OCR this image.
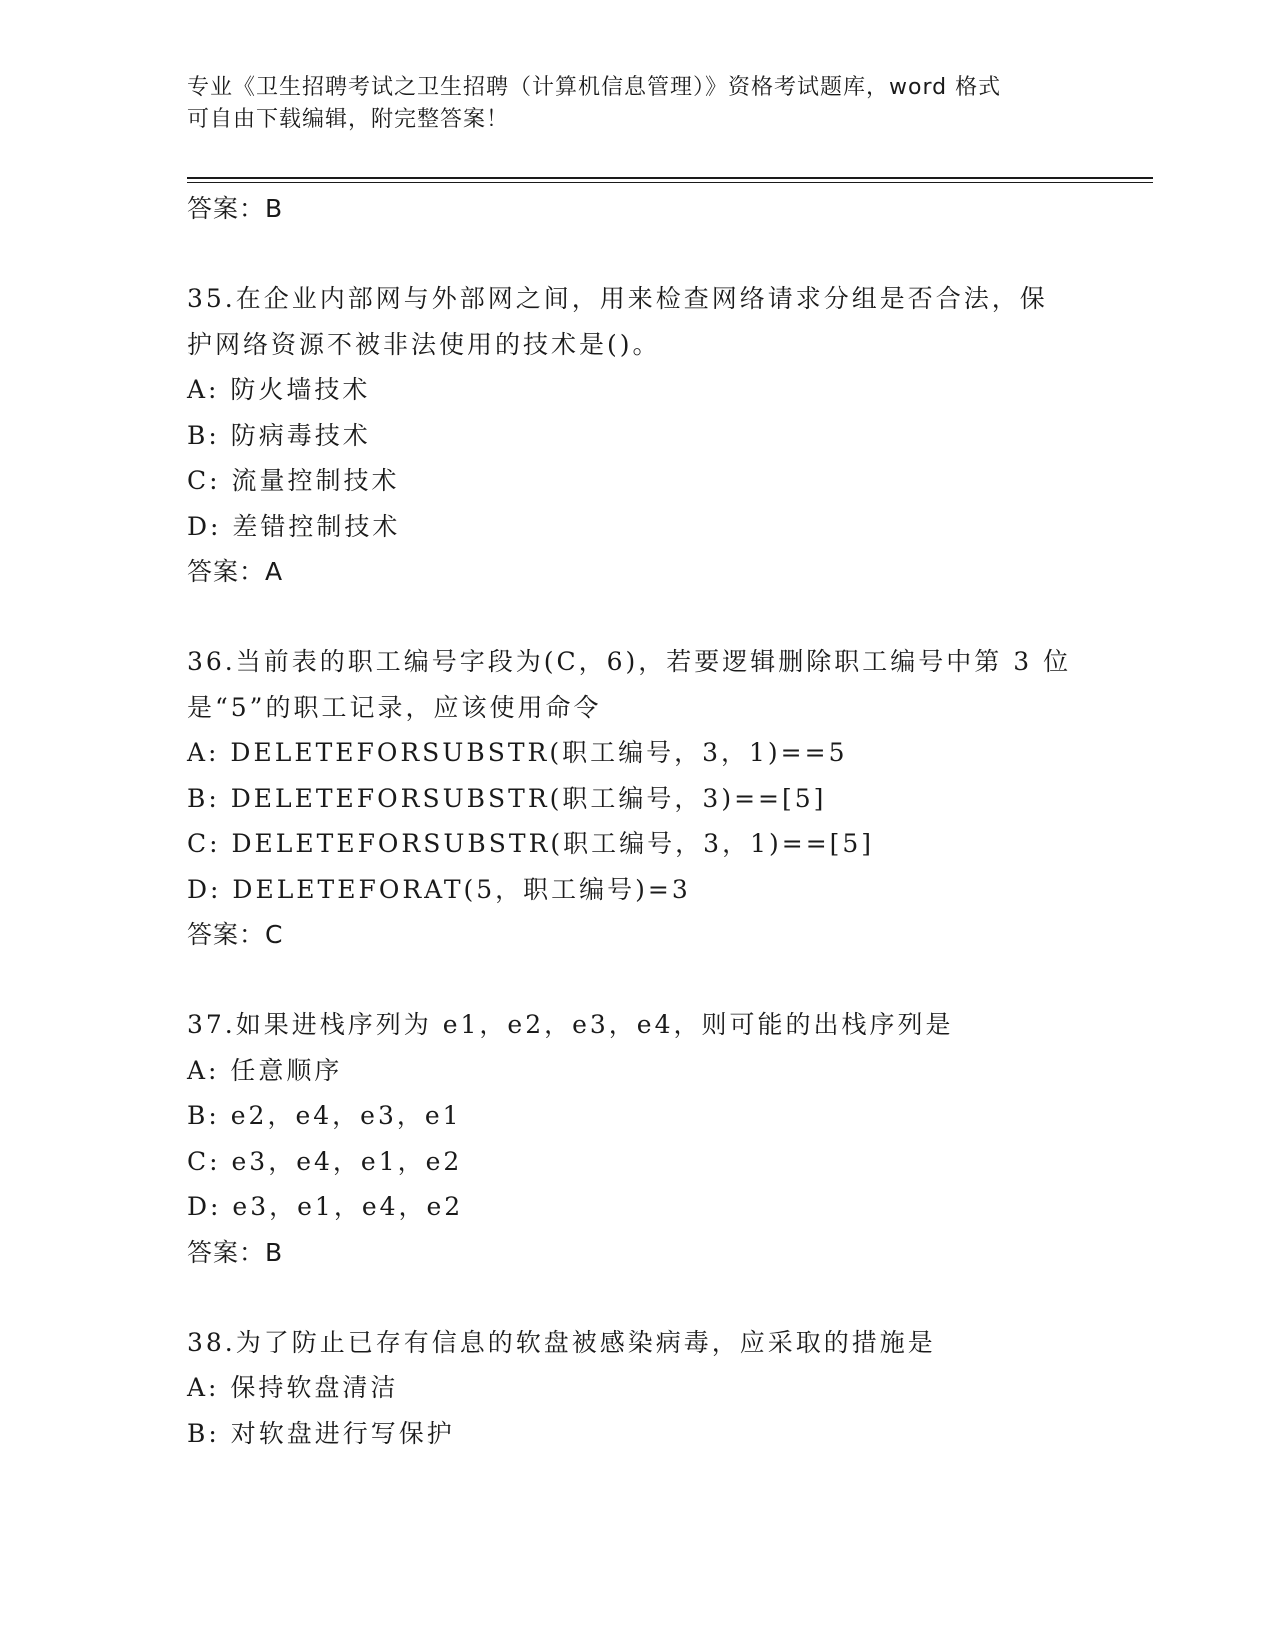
专业《卫生招聘考试之卫生招聘（计算机信息管理）》资格考试题库，word 格式
可自由下载编辑，附完整答案！
答案：B
35.在企业内部网与外部网之间，用来检查网络请求分组是否合法，保
护网络资源不被非法使用的技术是()。
A: 防火墙技术
B: 防病毒技术
C: 流量控制技术
D: 差错控制技术
答案：A
36.当前表的职工编号字段为(C，6)，若要逻辑删除职工编号中第 3 位
是“5”的职工记录，应该使用命令
A: DELETEFORSUBSTR(职工编号，3，1)==5
B: DELETEFORSUBSTR(职工编号，3)==[5]
C: DELETEFORSUBSTR(职工编号，3，1)==[5]
D: DELETEFORAT(5，职工编号)=3
答案：C
37.如果进栈序列为 e1，e2，e3，e4，则可能的出栈序列是
A: 任意顺序
B: e2，e4，e3，e1
C: e3，e4，e1，e2
D: e3，e1，e4，e2
答案：B
38.为了防止已存有信息的软盘被感染病毒，应采取的措施是
A: 保持软盘清洁
B: 对软盘进行写保护
